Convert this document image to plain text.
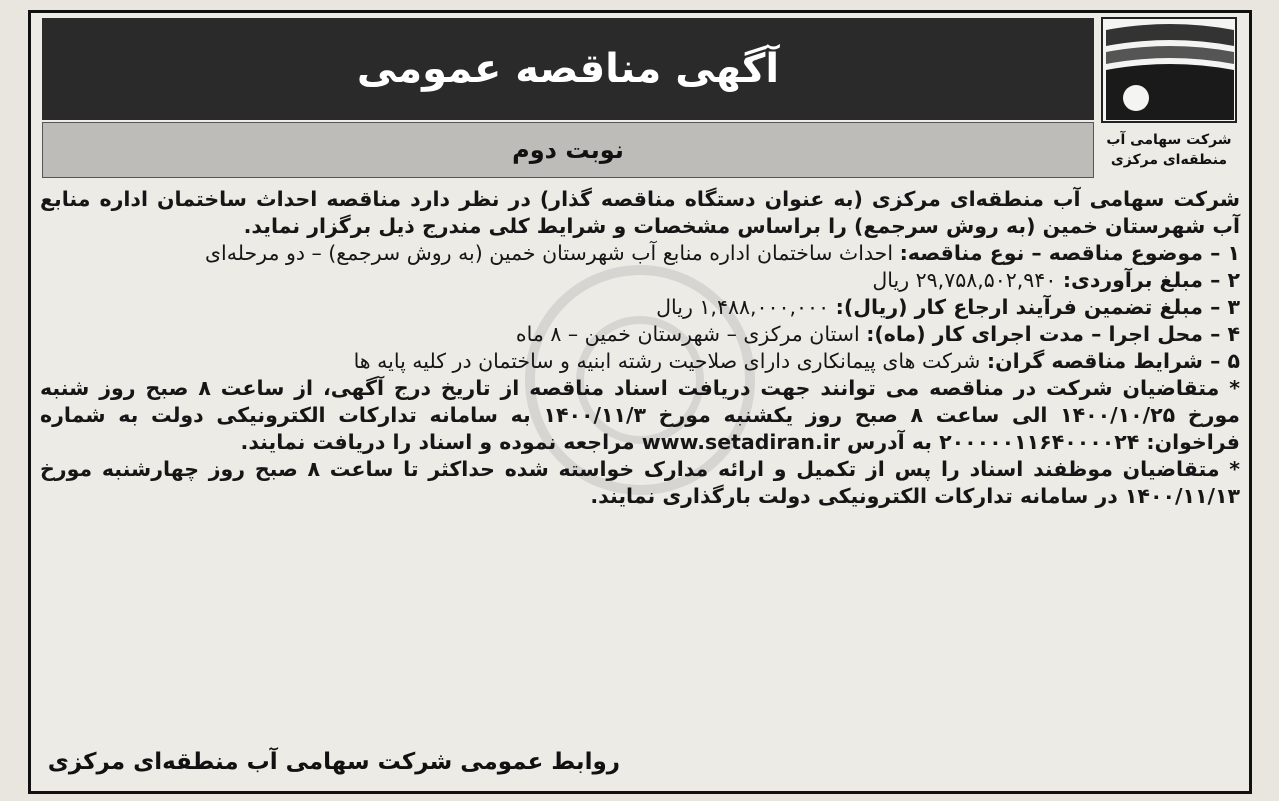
آگهی مناقصه عمومی
نوبت دوم	شرکت سهامی آب
منطقه‌ای مرکزی

شرکت سهامی آب منطقه‌ای مرکزی (به عنوان دستگاه مناقصه گذار) در نظر دارد مناقصه احداث ساختمان اداره منابع آب شهرستان خمین (به روش سرجمع) را براساس مشخصات و شرایط کلی مندرج ذیل برگزار نماید.

۱ – موضوع مناقصه – نوع مناقصه: احداث ساختمان اداره منابع آب شهرستان خمین (به روش سرجمع) – دو مرحله‌ای

۲ – مبلغ برآوردی: ۲۹,۷۵۸,۵۰۲,۹۴۰ ریال

۳ – مبلغ تضمین فرآیند ارجاع کار (ریال): ۱,۴۸۸,۰۰۰,۰۰۰ ریال

۴ – محل اجرا – مدت اجرای کار (ماه): استان مرکزی – شهرستان خمین – ۸ ماه

۵ – شرایط مناقصه گران: شرکت های پیمانکاری دارای صلاحیت رشته ابنیه و ساختمان در کلیه پایه ها

* متقاضیان شرکت در مناقصه می توانند جهت دریافت اسناد مناقصه از تاریخ درج آگهی، از ساعت ۸ صبح روز شنبه مورخ ۱۴۰۰/۱۰/۲۵ الی ساعت ۸ صبح روز یکشنبه مورخ ۱۴۰۰/۱۱/۳ به سامانه تدارکات الکترونیکی دولت به شماره فراخوان: ۲۰۰۰۰۰۱۱۶۴۰۰۰۰۲۴ به آدرس www.setadiran.ir مراجعه نموده و اسناد را دریافت نمایند.

* متقاضیان موظفند اسناد را پس از تکمیل و ارائه مدارک خواسته شده حداکثر تا ساعت ۸ صبح روز چهارشنبه مورخ ۱۴۰۰/۱۱/۱۳ در سامانه تدارکات الکترونیکی دولت بارگذاری نمایند.

روابط عمومی شرکت سهامی آب منطقه‌ای مرکزی
